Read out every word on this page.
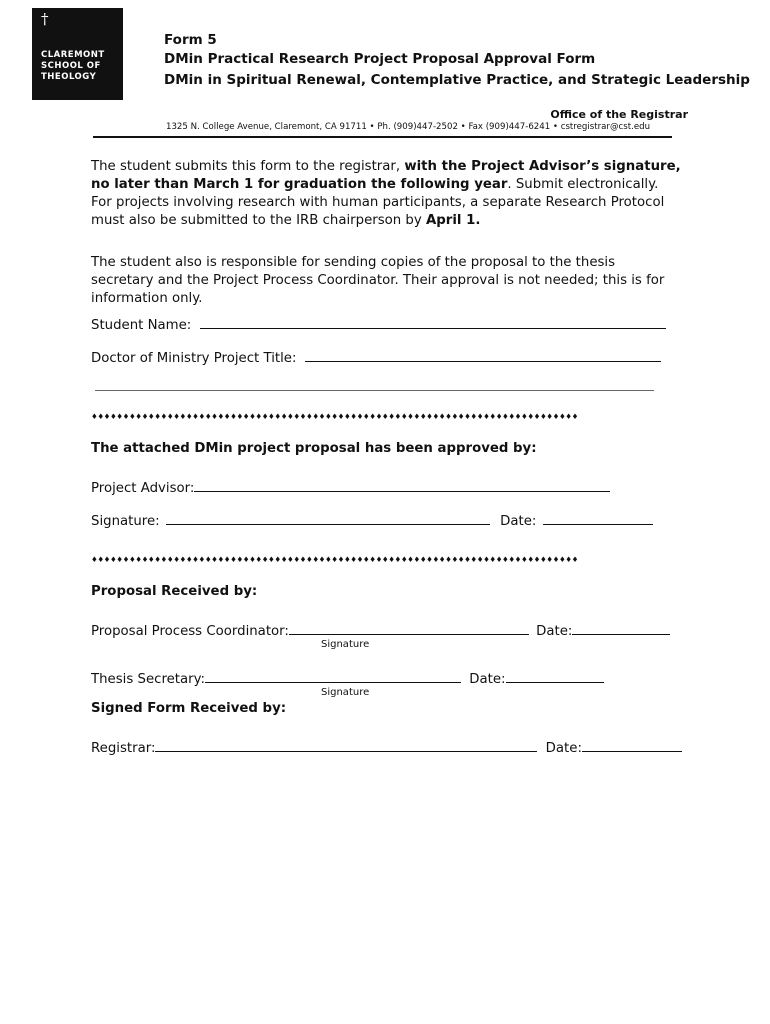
†
CLAREMONT
SCHOOL OF
THEOLOGY
Form 5
DMin Practical Research Project Proposal Approval Form
DMin in Spiritual Renewal, Contemplative Practice, and Strategic Leadership
Office of the Registrar
1325 N. College Avenue, Claremont, CA 91711 • Ph. (909)447-2502 • Fax (909)447-6241 • cstregistrar@cst.edu
The student submits this form to the registrar, with the Project Advisor’s signature, no later than March 1 for graduation the following year. Submit electronically. For projects involving research with human participants, a separate Research Protocol must also be submitted to the IRB chairperson by April 1.
The student also is responsible for sending copies of the proposal to the thesis secretary and the Project Process Coordinator. Their approval is not needed; this is for information only.
Student Name:
Doctor of Ministry Project Title:
♦♦♦♦♦♦♦♦♦♦♦♦♦♦♦♦♦♦♦♦♦♦♦♦♦♦♦♦♦♦♦♦♦♦♦♦♦♦♦♦♦♦♦♦♦♦♦♦♦♦♦♦♦♦♦♦♦♦♦♦♦♦♦♦♦♦♦♦♦♦♦♦♦♦♦♦♦
The attached DMin project proposal has been approved by:
Project Advisor:
Signature:	Date:
♦♦♦♦♦♦♦♦♦♦♦♦♦♦♦♦♦♦♦♦♦♦♦♦♦♦♦♦♦♦♦♦♦♦♦♦♦♦♦♦♦♦♦♦♦♦♦♦♦♦♦♦♦♦♦♦♦♦♦♦♦♦♦♦♦♦♦♦♦♦♦♦♦♦♦♦♦
Proposal Received by:
Proposal Process Coordinator:	Date:
Signature
Thesis Secretary:	Date:
Signature
Signed Form Received by:
Registrar:	Date:
